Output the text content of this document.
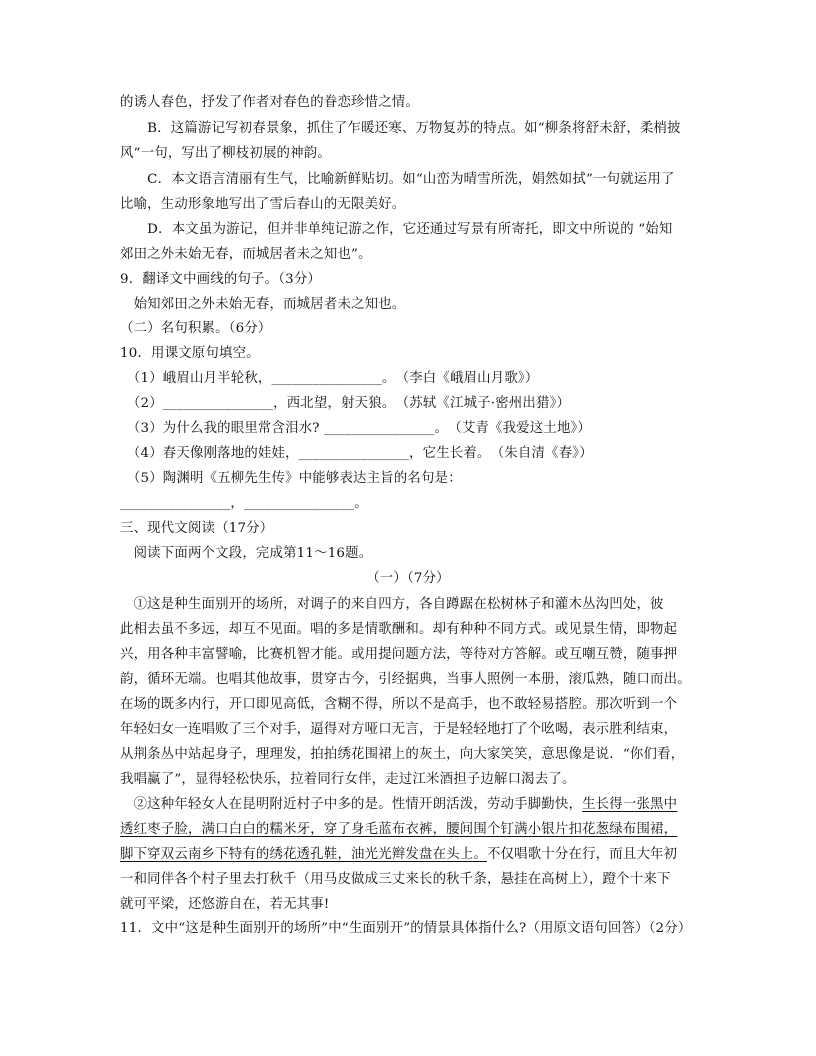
的诱人春色，抒发了作者对春色的眷恋珍惜之情。
　　B．这篇游记写初春景象，抓住了乍暖还寒、万物复苏的特点。如“柳条将舒未舒，柔梢披
风”一句，写出了柳枝初展的神韵。
　　C．本文语言清丽有生气，比喻新鲜贴切。如“山峦为晴雪所洗，娟然如拭”一句就运用了
比喻，生动形象地写出了雪后春山的无限美好。
　　D．本文虽为游记，但并非单纯记游之作，它还通过写景有所寄托，即文中所说的 “始知
郊田之外未始无春，而城居者未之知也”。
9．翻译文中画线的句子。（3分）
　始知郊田之外未始无春，而城居者未之知也。
（二）名句积累。（6分）
10．用课文原句填空。
　（1）峨眉山月半轮秋，________________。　（李白《峨眉山月歌》）
　（2）________________，西北望，射天狼。　（苏轼《江城子·密州出猎》）
　（3）为什么我的眼里常含泪水? ________________。　（艾青《我爱这土地》）
　（4）春天像刚落地的娃娃，________________，它生长着。　（朱自清《春》）
　（5）陶渊明《五柳先生传》中能够表达主旨的名句是：
________________，________________。
三、现代文阅读（17分）
　阅读下面两个文段，完成第11～16题。
（一）（7分）
　①这是种生面别开的场所，对调子的来自四方，各自蹲踞在松树林子和灌木丛沟凹处，彼
此相去虽不多远，却互不见面。唱的多是情歌酬和。却有种种不同方式。或见景生情，即物起
兴，用各种丰富譬喻，比赛机智才能。或用提问题方法，等待对方答解。或互嘲互赞，随事押
韵，循环无端。也唱其他故事，贯穿古今，引经据典，当事人照例一本册，滚瓜熟，随口而出。
在场的既多内行，开口即见高低，含糊不得，所以不是高手，也不敢轻易搭腔。那次听到一个
年轻妇女一连唱败了三个对手，逼得对方哑口无言，于是轻轻地打了个吆喝，表示胜利结束，
从荆条丛中站起身子，理理发，拍拍绣花围裙上的灰土，向大家笑笑，意思像是说．“你们看，
我唱赢了”，显得轻松快乐，拉着同行女伴，走过江米酒担子边解口渴去了。
　②这种年轻女人在昆明附近村子中多的是。性情开朗活泼，劳动手脚勤快，生长得一张黑中
透红枣子脸，满口白白的糯米牙，穿了身毛蓝布衣裤，腰间围个钉满小银片扣花葱绿布围裙，
脚下穿双云南乡下特有的绣花透孔鞋，油光光辫发盘在头上。不仅唱歌十分在行，而且大年初
一和同伴各个村子里去打秋千（用马皮做成三丈来长的秋千条，悬挂在高树上），蹬个十来下
就可平梁，还悠游自在，若无其事!
11．文中“这是种生面别开的场所”中“生面别开”的情景具体指什么?（用原文语句回答）（2分）
